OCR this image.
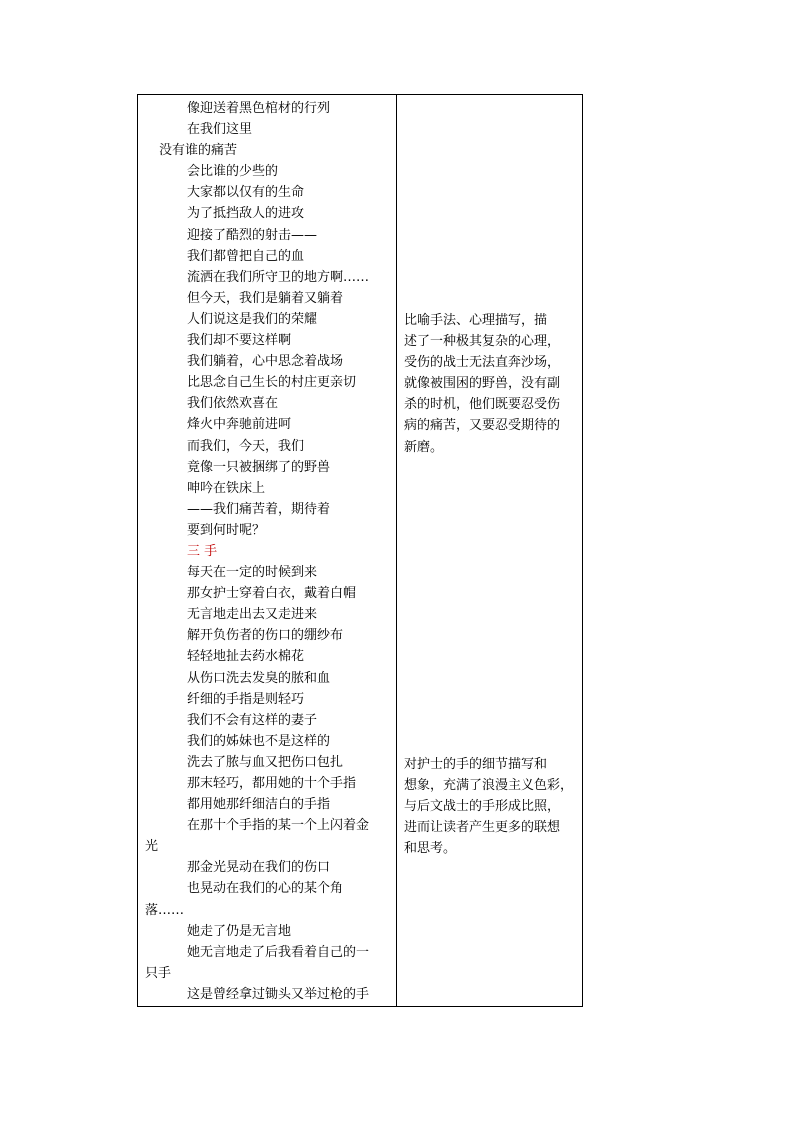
像迎送着黑色棺材的行列
在我们这里
没有谁的痛苦
会比谁的少些的
大家都以仅有的生命
为了抵挡敌人的进攻
迎接了酷烈的射击——
我们都曾把自己的血
流洒在我们所守卫的地方啊……
但今天，我们是躺着又躺着
人们说这是我们的荣耀
我们却不要这样啊
我们躺着，心中思念着战场
比思念自己生长的村庄更亲切
我们依然欢喜在
烽火中奔驰前进呵
而我们，今天，我们
竟像一只被捆绑了的野兽
呻吟在铁床上
——我们痛苦着，期待着
要到何时呢？
三 手
每天在一定的时候到来
那女护士穿着白衣，戴着白帽
无言地走出去又走进来
解开负伤者的伤口的绷纱布
轻轻地扯去药水棉花
从伤口洗去发臭的脓和血
纤细的手指是则轻巧
我们不会有这样的妻子
我们的姊妹也不是这样的
洗去了脓与血又把伤口包扎
那末轻巧，都用她的十个手指
都用她那纤细洁白的手指
在那十个手指的某一个上闪着金
光
那金光晃动在我们的伤口
也晃动在我们的心的某个角
落……
她走了仍是无言地
她无言地走了后我看着自己的一
只手
这是曾经拿过锄头又举过枪的手
比喻手法、心理描写，描
述了一种极其复杂的心理，
受伤的战士无法直奔沙场，
就像被围困的野兽，没有副
杀的时机，他们既要忍受伤
病的痛苦，又要忍受期待的
新磨。
对护士的手的细节描写和
想象，充满了浪漫主义色彩，
与后文战士的手形成比照，
进而让读者产生更多的联想
和思考。
